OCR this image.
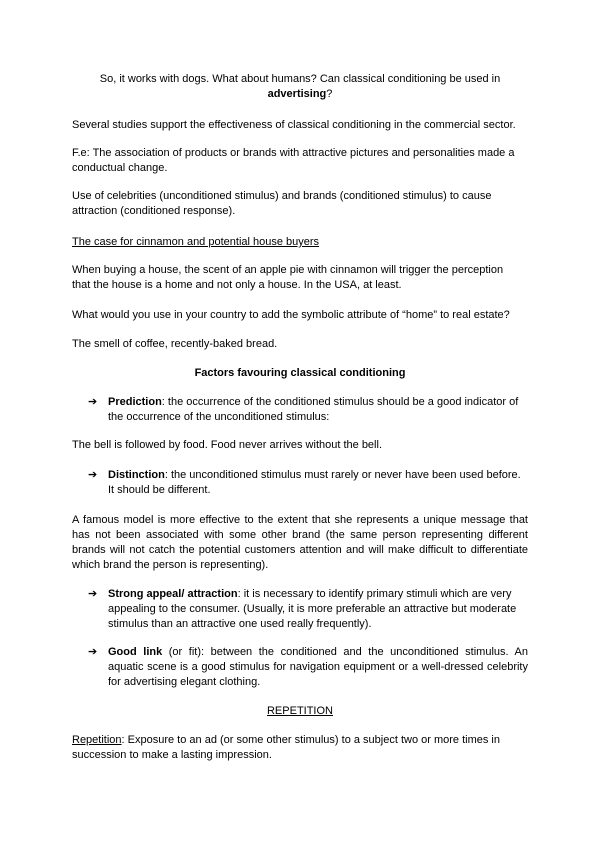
So, it works with dogs. What about humans? Can classical conditioning be used in
advertising?

Several studies support the effectiveness of classical conditioning in the commercial sector.

F.e: The association of products or brands with attractive pictures and personalities made a conductual change.

Use of celebrities (unconditioned stimulus) and brands (conditioned stimulus) to cause attraction (conditioned response).

The case for cinnamon and potential house buyers

When buying a house, the scent of an apple pie with cinnamon will trigger the perception that the house is a home and not only a house. In the USA, at least.

What would you use in your country to add the symbolic attribute of “home” to real estate?

The smell of coffee, recently-baked bread.

Factors favouring classical conditioning

➔ Prediction: the occurrence of the conditioned stimulus should be a good indicator of the occurrence of the unconditioned stimulus:

The bell is followed by food. Food never arrives without the bell.

➔ Distinction: the unconditioned stimulus must rarely or never have been used before. It should be different.

A famous model is more effective to the extent that she represents a unique message that has not been associated with some other brand (the same person representing different brands will not catch the potential customers attention and will make difficult to differentiate which brand the person is representing).

➔ Strong appeal/ attraction: it is necessary to identify primary stimuli which are very appealing to the consumer. (Usually, it is more preferable an attractive but moderate stimulus than an attractive one used really frequently).
➔ Good link (or fit): between the conditioned and the unconditioned stimulus. An aquatic scene is a good stimulus for navigation equipment or a well-dressed celebrity for advertising elegant clothing.

REPETITION

Repetition: Exposure to an ad (or some other stimulus) to a subject two or more times in succession to make a lasting impression.
